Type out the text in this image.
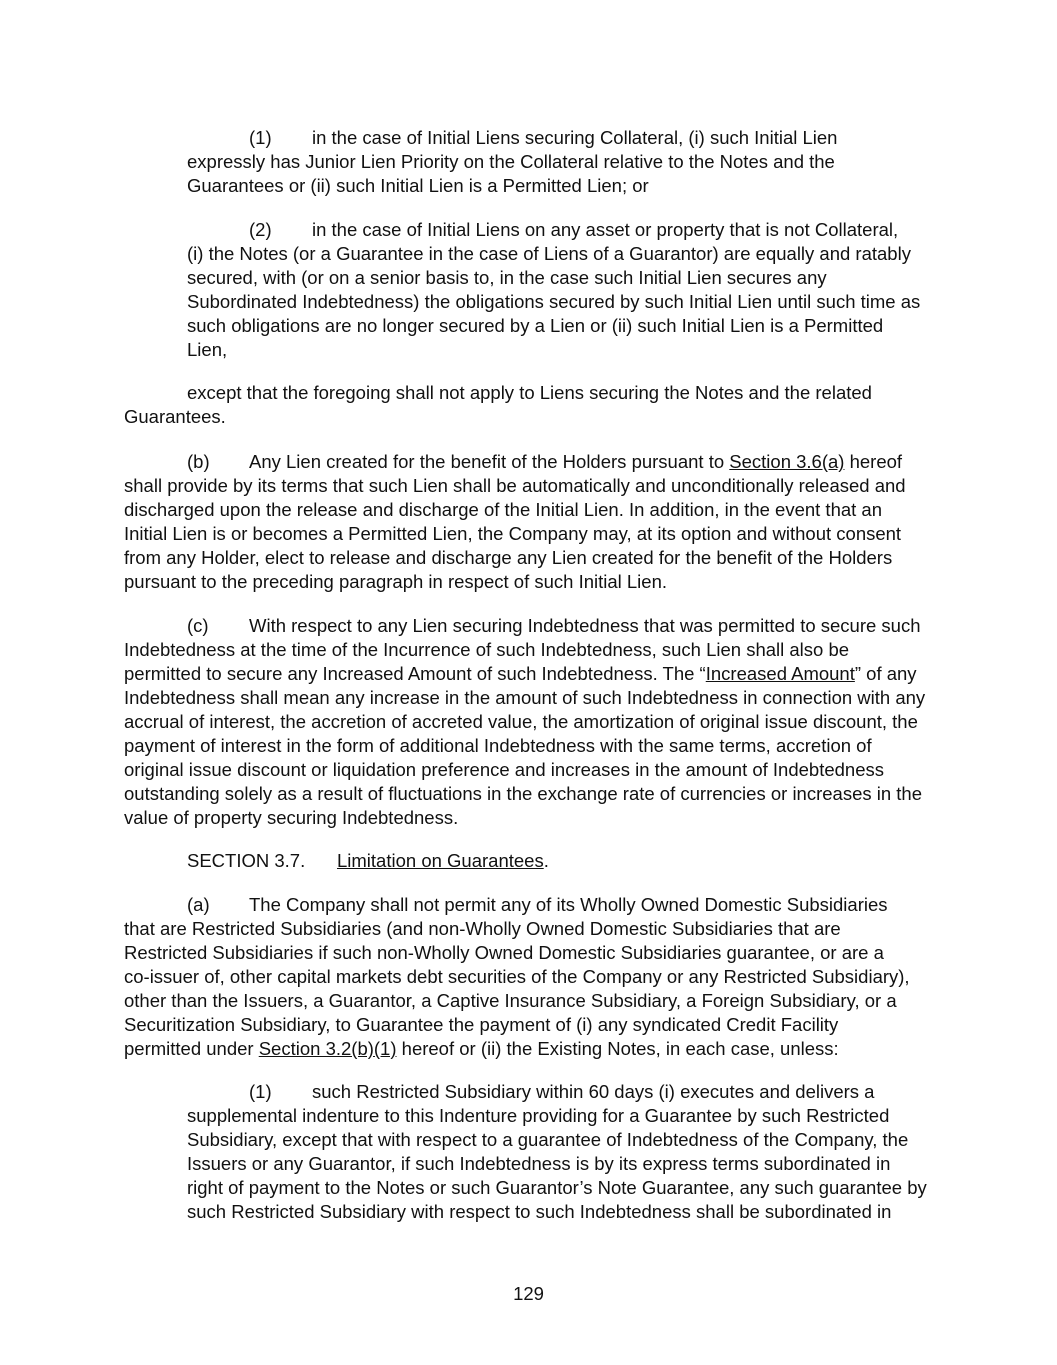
(1) in the case of Initial Liens securing Collateral, (i) such Initial Lien
expressly has Junior Lien Priority on the Collateral relative to the Notes and the
Guarantees or (ii) such Initial Lien is a Permitted Lien; or
(2) in the case of Initial Liens on any asset or property that is not Collateral,
(i) the Notes (or a Guarantee in the case of Liens of a Guarantor) are equally and ratably
secured, with (or on a senior basis to, in the case such Initial Lien secures any
Subordinated Indebtedness) the obligations secured by such Initial Lien until such time as
such obligations are no longer secured by a Lien or (ii) such Initial Lien is a Permitted
Lien,
except that the foregoing shall not apply to Liens securing the Notes and the related
Guarantees.
(b) Any Lien created for the benefit of the Holders pursuant to Section 3.6(a) hereof
shall provide by its terms that such Lien shall be automatically and unconditionally released and
discharged upon the release and discharge of the Initial Lien. In addition, in the event that an
Initial Lien is or becomes a Permitted Lien, the Company may, at its option and without consent
from any Holder, elect to release and discharge any Lien created for the benefit of the Holders
pursuant to the preceding paragraph in respect of such Initial Lien.
(c) With respect to any Lien securing Indebtedness that was permitted to secure such
Indebtedness at the time of the Incurrence of such Indebtedness, such Lien shall also be
permitted to secure any Increased Amount of such Indebtedness. The “Increased Amount” of any
Indebtedness shall mean any increase in the amount of such Indebtedness in connection with any
accrual of interest, the accretion of accreted value, the amortization of original issue discount, the
payment of interest in the form of additional Indebtedness with the same terms, accretion of
original issue discount or liquidation preference and increases in the amount of Indebtedness
outstanding solely as a result of fluctuations in the exchange rate of currencies or increases in the
value of property securing Indebtedness.
SECTION 3.7. Limitation on Guarantees.
(a) The Company shall not permit any of its Wholly Owned Domestic Subsidiaries
that are Restricted Subsidiaries (and non-Wholly Owned Domestic Subsidiaries that are
Restricted Subsidiaries if such non-Wholly Owned Domestic Subsidiaries guarantee, or are a
co-issuer of, other capital markets debt securities of the Company or any Restricted Subsidiary),
other than the Issuers, a Guarantor, a Captive Insurance Subsidiary, a Foreign Subsidiary, or a
Securitization Subsidiary, to Guarantee the payment of (i) any syndicated Credit Facility
permitted under Section 3.2(b)(1) hereof or (ii) the Existing Notes, in each case, unless:
(1) such Restricted Subsidiary within 60 days (i) executes and delivers a
supplemental indenture to this Indenture providing for a Guarantee by such Restricted
Subsidiary, except that with respect to a guarantee of Indebtedness of the Company, the
Issuers or any Guarantor, if such Indebtedness is by its express terms subordinated in
right of payment to the Notes or such Guarantor’s Note Guarantee, any such guarantee by
such Restricted Subsidiary with respect to such Indebtedness shall be subordinated in
129
